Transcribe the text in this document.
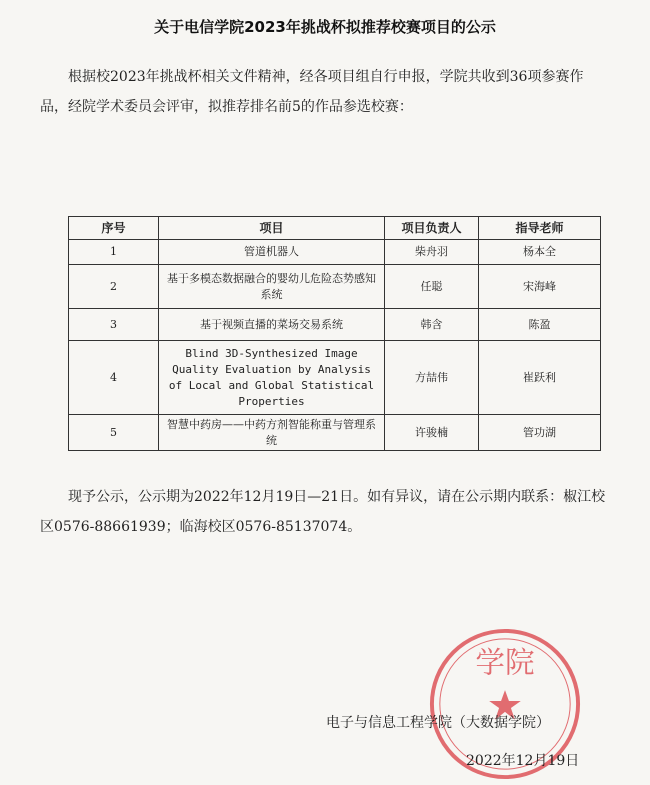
关于电信学院2023年挑战杯拟推荐校赛项目的公示
根据校2023年挑战杯相关文件精神，经各项目组自行申报，学院共收到36项参赛作品，经院学术委员会评审，拟推荐排名前5的作品参选校赛：
序号	项目	项目负责人	指导老师
1	管道机器人	柴舟羽	杨本全
2	基于多模态数据融合的婴幼儿危险态势感知系统	任聪	宋海峰
3	基于视频直播的菜场交易系统	韩含	陈盈
4	Blind 3D-Synthesized Image Quality Evaluation by Analysis of Local and Global Statistical Properties	方喆伟	崔跃利
5	智慧中药房——中药方剂智能称重与管理系统	许骏楠	管功湖
现予公示，公示期为2022年12月19日—21日。如有异议，请在公示期内联系：椒江校区0576-88661939；临海校区0576-85137074。
学院
电子与信息工程学院（大数据学院）
2022年12月19日
